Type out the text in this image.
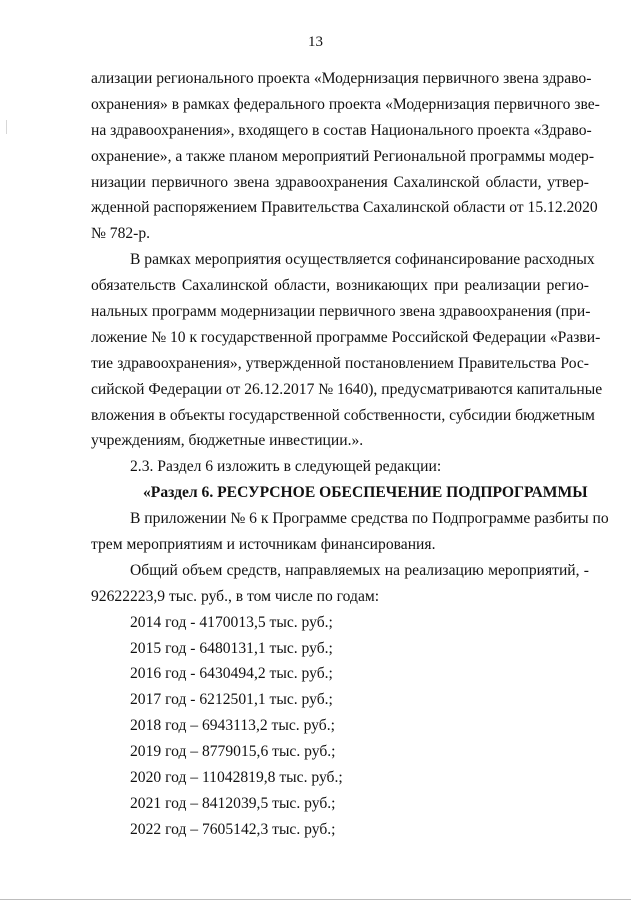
13
ализации регионального проекта «Модернизация первичного звена здраво-
охранения» в рамках федерального проекта «Модернизация первичного зве-
на здравоохранения», входящего в состав Национального проекта «Здраво-
охранение», а также планом мероприятий Региональной программы модер-
низации первичного звена здравоохранения Сахалинской области, утвер-
жденной распоряжением Правительства Сахалинской области от 15.12.2020
№ 782-р.
В рамках мероприятия осуществляется софинансирование расходных
обязательств Сахалинской области, возникающих при реализации регио-
нальных программ модернизации первичного звена здравоохранения (при-
ложение № 10 к государственной программе Российской Федерации «Разви-
тие здравоохранения», утвержденной постановлением Правительства Рос-
сийской Федерации от 26.12.2017 № 1640), предусматриваются капитальные
вложения в объекты государственной собственности, субсидии бюджетным
учреждениям, бюджетные инвестиции.».
2.3. Раздел 6 изложить в следующей редакции:
«Раздел 6. РЕСУРСНОЕ ОБЕСПЕЧЕНИЕ ПОДПРОГРАММЫ
В приложении № 6 к Программе средства по Подпрограмме разбиты по
трем мероприятиям и источникам финансирования.
Общий объем средств, направляемых на реализацию мероприятий, -
92622223,9 тыс. руб., в том числе по годам:
2014 год - 4170013,5 тыс. руб.;
2015 год - 6480131,1 тыс. руб.;
2016 год - 6430494,2 тыс. руб.;
2017 год - 6212501,1 тыс. руб.;
2018 год – 6943113,2 тыс. руб.;
2019 год – 8779015,6 тыс. руб.;
2020 год – 11042819,8 тыс. руб.;
2021 год – 8412039,5 тыс. руб.;
2022 год – 7605142,3 тыс. руб.;
